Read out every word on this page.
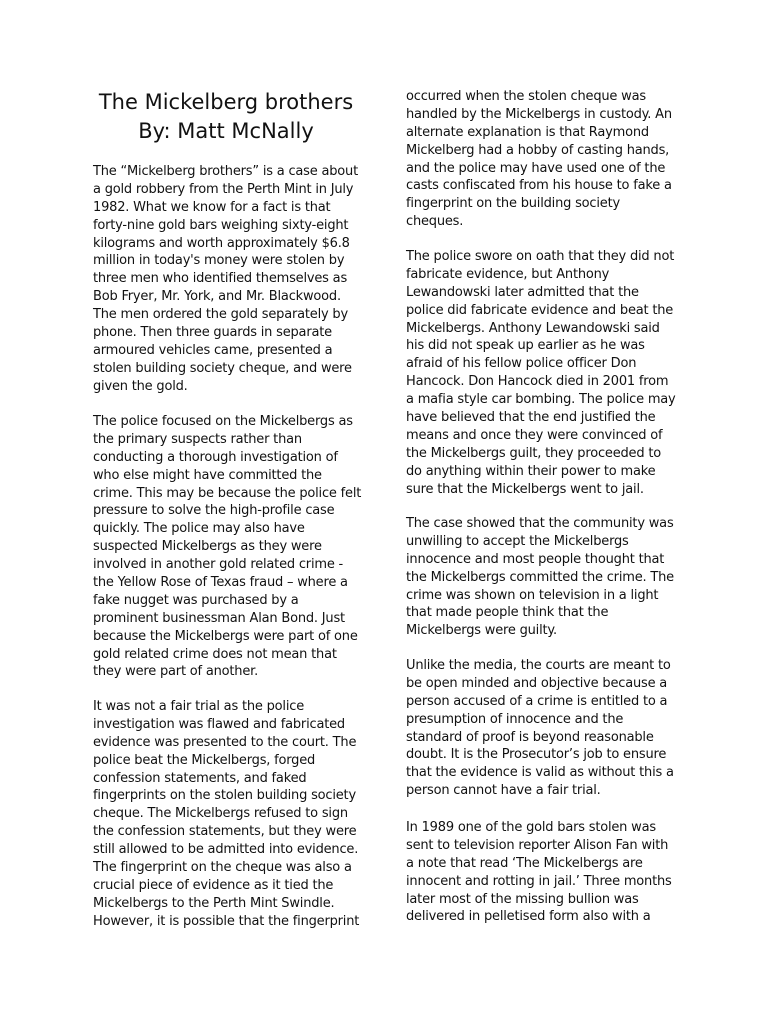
The Mickelberg brothers
By: Matt McNally
The “Mickelberg brothers” is a case about
a gold robbery from the Perth Mint in July
1982. What we know for a fact is that
forty-nine gold bars weighing sixty-eight
kilograms and worth approximately $6.8
million in today's money were stolen by
three men who identified themselves as
Bob Fryer, Mr. York, and Mr. Blackwood.
The men ordered the gold separately by
phone. Then three guards in separate
armoured vehicles came, presented a
stolen building society cheque, and were
given the gold.
The police focused on the Mickelbergs as
the primary suspects rather than
conducting a thorough investigation of
who else might have committed the
crime. This may be because the police felt
pressure to solve the high-profile case
quickly. The police may also have
suspected Mickelbergs as they were
involved in another gold related crime -
the Yellow Rose of Texas fraud – where a
fake nugget was purchased by a
prominent businessman Alan Bond. Just
because the Mickelbergs were part of one
gold related crime does not mean that
they were part of another.
It was not a fair trial as the police
investigation was flawed and fabricated
evidence was presented to the court. The
police beat the Mickelbergs, forged
confession statements, and faked
fingerprints on the stolen building society
cheque. The Mickelbergs refused to sign
the confession statements, but they were
still allowed to be admitted into evidence.
The fingerprint on the cheque was also a
crucial piece of evidence as it tied the
Mickelbergs to the Perth Mint Swindle.
However, it is possible that the fingerprint
occurred when the stolen cheque was
handled by the Mickelbergs in custody. An
alternate explanation is that Raymond
Mickelberg had a hobby of casting hands,
and the police may have used one of the
casts confiscated from his house to fake a
fingerprint on the building society
cheques.
The police swore on oath that they did not
fabricate evidence, but Anthony
Lewandowski later admitted that the
police did fabricate evidence and beat the
Mickelbergs. Anthony Lewandowski said
his did not speak up earlier as he was
afraid of his fellow police officer Don
Hancock. Don Hancock died in 2001 from
a mafia style car bombing. The police may
have believed that the end justified the
means and once they were convinced of
the Mickelbergs guilt, they proceeded to
do anything within their power to make
sure that the Mickelbergs went to jail.
The case showed that the community was
unwilling to accept the Mickelbergs
innocence and most people thought that
the Mickelbergs committed the crime. The
crime was shown on television in a light
that made people think that the
Mickelbergs were guilty.
Unlike the media, the courts are meant to
be open minded and objective because a
person accused of a crime is entitled to a
presumption of innocence and the
standard of proof is beyond reasonable
doubt. It is the Prosecutor’s job to ensure
that the evidence is valid as without this a
person cannot have a fair trial.
In 1989 one of the gold bars stolen was
sent to television reporter Alison Fan with
a note that read ‘The Mickelbergs are
innocent and rotting in jail.’ Three months
later most of the missing bullion was
delivered in pelletised form also with a
